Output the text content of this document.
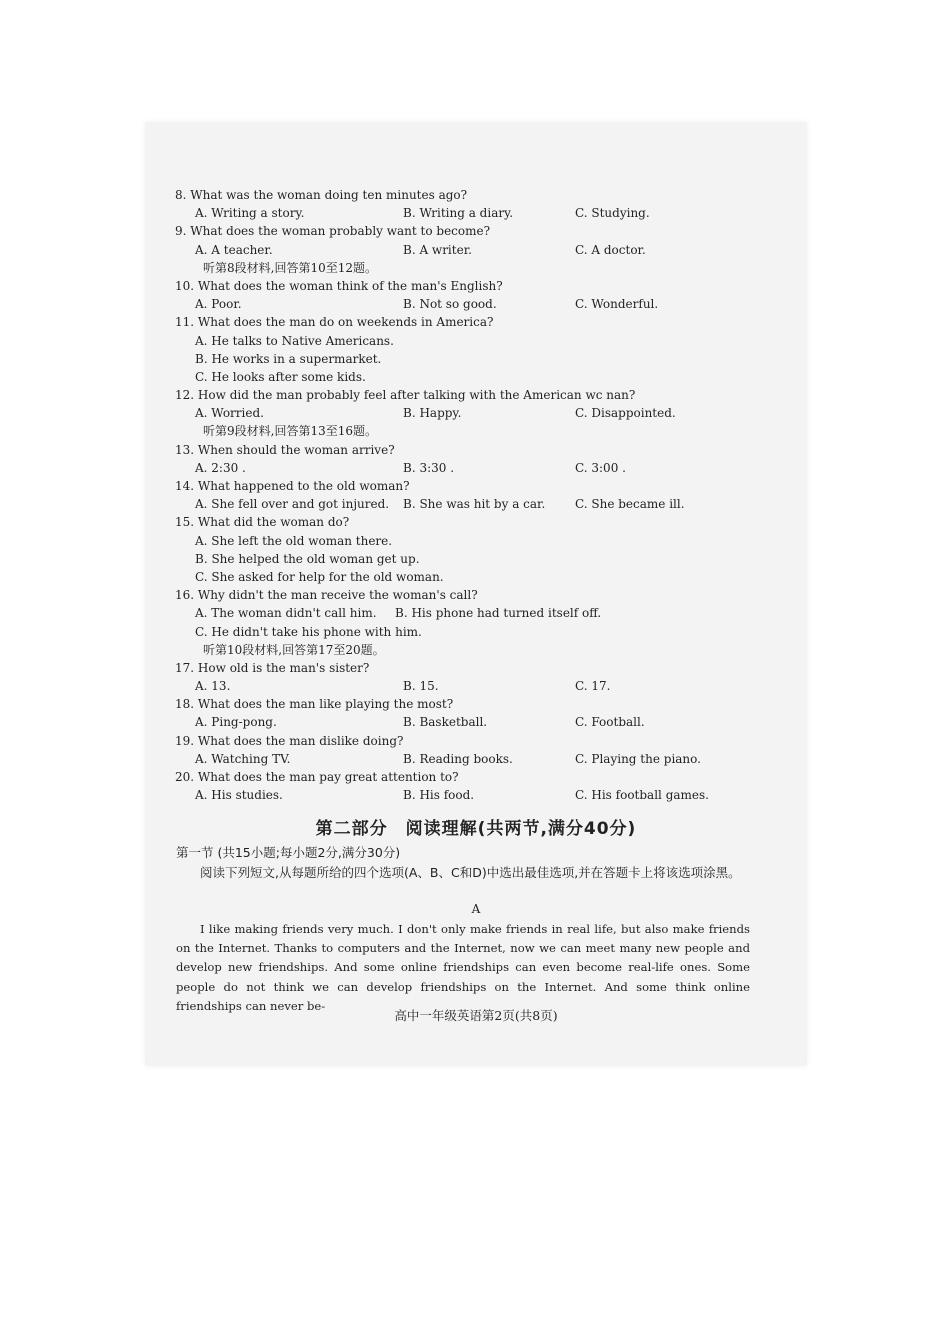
8. What was the woman doing ten minutes ago?
A. Writing a story.	B. Writing a diary.	C. Studying.
9. What does the woman probably want to become?
A. A teacher.	B. A writer.	C. A doctor.
听第8段材料,回答第10至12题。
10. What does the woman think of the man's English?
A. Poor.	B. Not so good.	C. Wonderful.
11. What does the man do on weekends in America?
A. He talks to Native Americans.
B. He works in a supermarket.
C. He looks after some kids.
12. How did the man probably feel after talking with the American wc nan?
A. Worried.	B. Happy.	C. Disappointed.
听第9段材料,回答第13至16题。
13. When should the woman arrive?
A. 2:30 .	B. 3:30 .	C. 3:00 .
14. What happened to the old woman?
A. She fell over and got injured. B. She was hit by a car. C. She became ill.
15. What did the woman do?
A. She left the old woman there.
B. She helped the old woman get up.
C. She asked for help for the old woman.
16. Why didn't the man receive the woman's call?
A. The woman didn't call him. B. His phone had turned itself off.
C. He didn't take his phone with him.
听第10段材料,回答第17至20题。
17. How old is the man's sister?
A. 13.	B. 15.	C. 17.
18. What does the man like playing the most?
A. Ping-pong.	B. Basketball.	C. Football.
19. What does the man dislike doing?
A. Watching TV.	B. Reading books.	C. Playing the piano.
20. What does the man pay great attention to?
A. His studies.	B. His food.	C. His football games.
第二部分　阅读理解(共两节,满分40分)
第一节 (共15小题;每小题2分,满分30分)
阅读下列短文,从每题所给的四个选项(A、B、C和D)中选出最佳选项,并在答题卡上将该选项涂黑。
A
I like making friends very much. I don't only make friends in real life, but also make friends on the Internet. Thanks to computers and the Internet, now we can meet many new people and develop new friendships. And some online friendships can even become real-life ones. Some people do not think we can develop friendships on the Internet. And some think online friendships can never be-
高中一年级英语第2页(共8页)
